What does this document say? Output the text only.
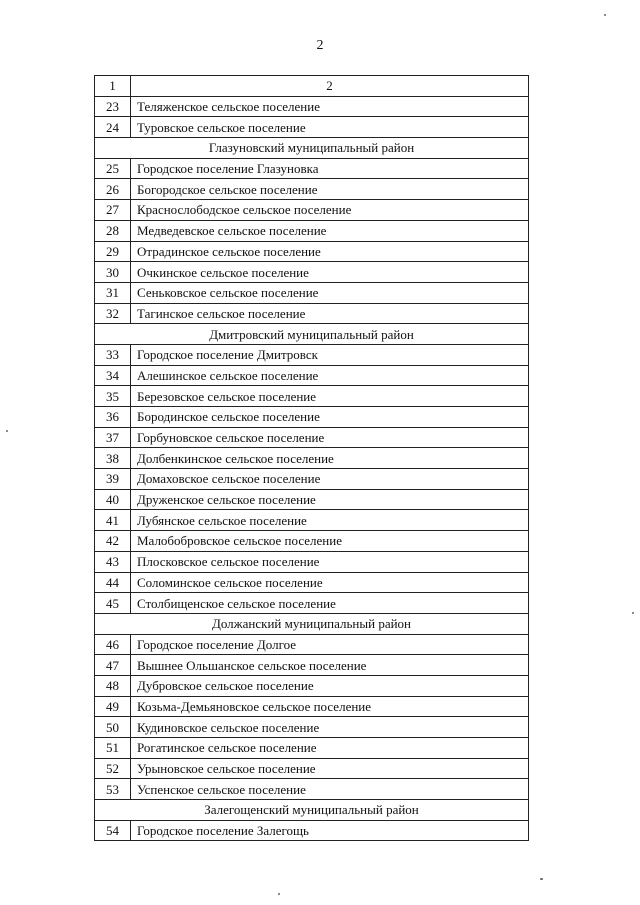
2
1	2
23	Теляженское сельское поселение
24	Туровское сельское поселение
Глазуновский муниципальный район	
25	Городское поселение Глазуновка
26	Богородское сельское поселение
27	Краснослободское сельское поселение
28	Медведевское сельское поселение
29	Отрадинское сельское поселение
30	Очкинское сельское поселение
31	Сеньковское сельское поселение
32	Тагинское сельское поселение
Дмитровский муниципальный район	
33	Городское поселение Дмитровск
34	Алешинское сельское поселение
35	Березовское сельское поселение
36	Бородинское сельское поселение
37	Горбуновское сельское поселение
38	Долбенкинское сельское поселение
39	Домаховское сельское поселение
40	Друженское сельское поселение
41	Лубянское сельское поселение
42	Малобобровское сельское поселение
43	Плосковское сельское поселение
44	Соломинское сельское поселение
45	Столбищенское сельское поселение
Должанский муниципальный район	
46	Городское поселение Долгое
47	Вышнее Ольшанское сельское поселение
48	Дубровское сельское поселение
49	Козьма-Демьяновское сельское поселение
50	Кудиновское сельское поселение
51	Рогатинское сельское поселение
52	Урыновское сельское поселение
53	Успенское сельское поселение
Залегощенский муниципальный район	
54	Городское поселение Залегощь
